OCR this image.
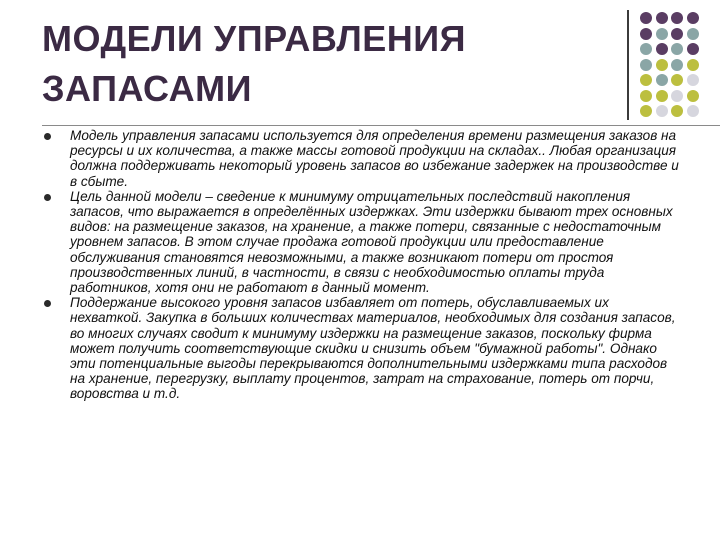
МОДЕЛИ УПРАВЛЕНИЯ
ЗАПАСАМИ
Модель управления запасами используется для определения времени размещения заказов на ресурсы и их количества, а также массы готовой продукции на складах.. Любая организация должна поддерживать некоторый уровень запасов во избежание задержек на производстве и в сбыте.
Цель данной модели – сведение к минимуму отрицательных последствий накопления запасов, что выражается в определённых издержках. Эти издержки бывают трех основных видов: на размещение заказов, на хранение, а также потери, связанные с недостаточным уровнем запасов. В этом случае продажа готовой продукции или предоставление обслуживания становятся невозможными, а также возникают потери от простоя производственных линий, в частности, в связи с необходимостью оплаты труда работников, хотя они не работают в данный момент.
Поддержание высокого уровня запасов избавляет от потерь, обуславливаемых их нехваткой. Закупка в больших количествах материалов, необходимых для создания запасов, во многих случаях сводит к минимуму издержки на размещение заказов, поскольку фирма может получить соответствующие скидки и снизить объем "бумажной работы". Однако эти потенциальные выгоды перекрываются дополнительными издержками типа расходов на хранение, перегрузку, выплату процентов, затрат на страхование, потерь от порчи, воровства и т.д.
